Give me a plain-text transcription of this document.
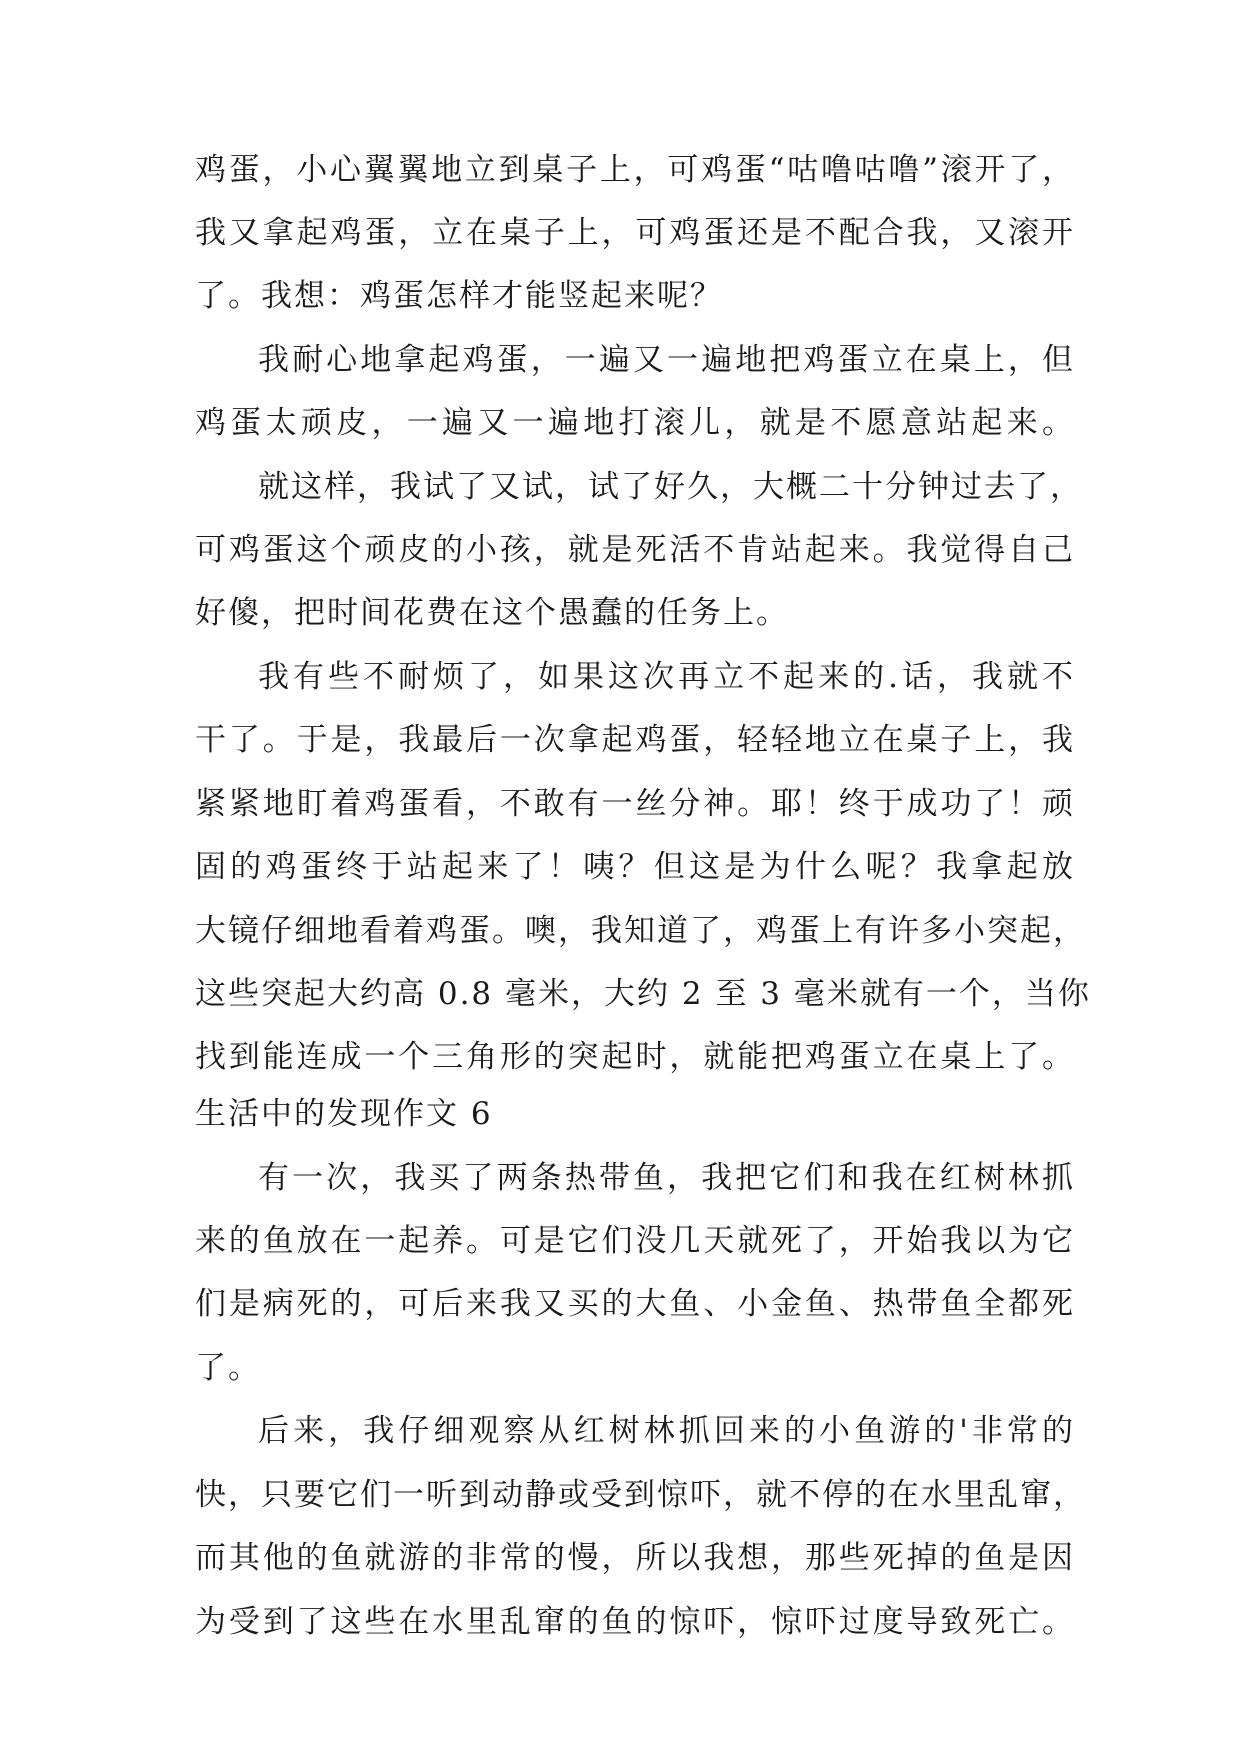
鸡蛋，小心翼翼地立到桌子上，可鸡蛋“咕噜咕噜”滚开了，
我又拿起鸡蛋，立在桌子上，可鸡蛋还是不配合我，又滚开
了。我想：鸡蛋怎样才能竖起来呢？
我耐心地拿起鸡蛋，一遍又一遍地把鸡蛋立在桌上，但
鸡蛋太顽皮，一遍又一遍地打滚儿，就是不愿意站起来。
就这样，我试了又试，试了好久，大概二十分钟过去了，
可鸡蛋这个顽皮的小孩，就是死活不肯站起来。我觉得自己
好傻，把时间花费在这个愚蠢的任务上。
我有些不耐烦了，如果这次再立不起来的.话，我就不
干了。于是，我最后一次拿起鸡蛋，轻轻地立在桌子上，我
紧紧地盯着鸡蛋看，不敢有一丝分神。耶！终于成功了！顽
固的鸡蛋终于站起来了！咦？但这是为什么呢？我拿起放
大镜仔细地看着鸡蛋。噢，我知道了，鸡蛋上有许多小突起，
这些突起大约高 0.8 毫米，大约 2 至 3 毫米就有一个，当你
找到能连成一个三角形的突起时，就能把鸡蛋立在桌上了。
生活中的发现作文 6
有一次，我买了两条热带鱼，我把它们和我在红树林抓
来的鱼放在一起养。可是它们没几天就死了，开始我以为它
们是病死的，可后来我又买的大鱼、小金鱼、热带鱼全都死
了。
后来，我仔细观察从红树林抓回来的小鱼游的'非常的
快，只要它们一听到动静或受到惊吓，就不停的在水里乱窜，
而其他的鱼就游的非常的慢，所以我想，那些死掉的鱼是因
为受到了这些在水里乱窜的鱼的惊吓，惊吓过度导致死亡。
